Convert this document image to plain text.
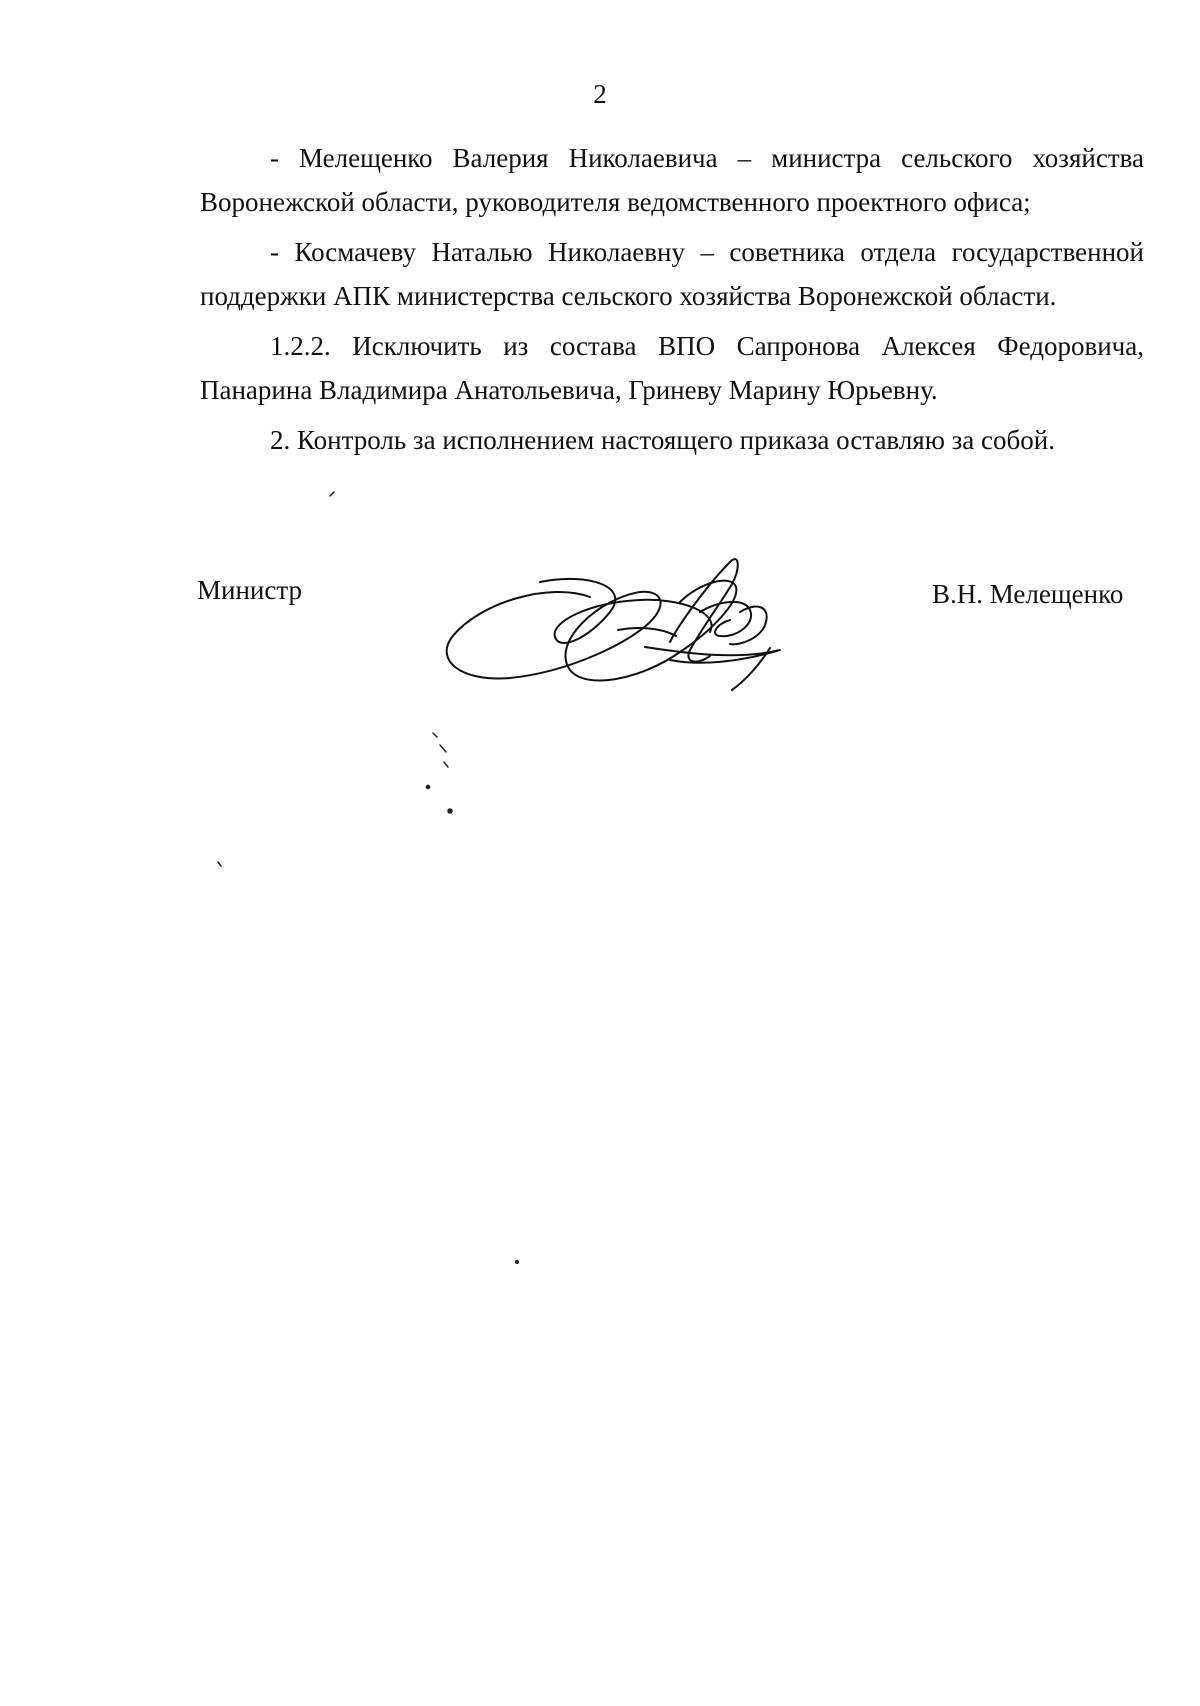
2

- Мелещенко Валерия Николаевича – министра сельского хозяйства Воронежской области, руководителя ведомственного проектного офиса;

- Космачеву Наталью Николаевну – советника отдела государственной поддержки АПК министерства сельского хозяйства Воронежской области.

1.2.2. Исключить из состава ВПО Сапронова Алексея Федоровича, Панарина Владимира Анатольевича, Гриневу Марину Юрьевну.

2. Контроль за исполнением настоящего приказа оставляю за собой.

Министр	В.Н. Мелещенко
